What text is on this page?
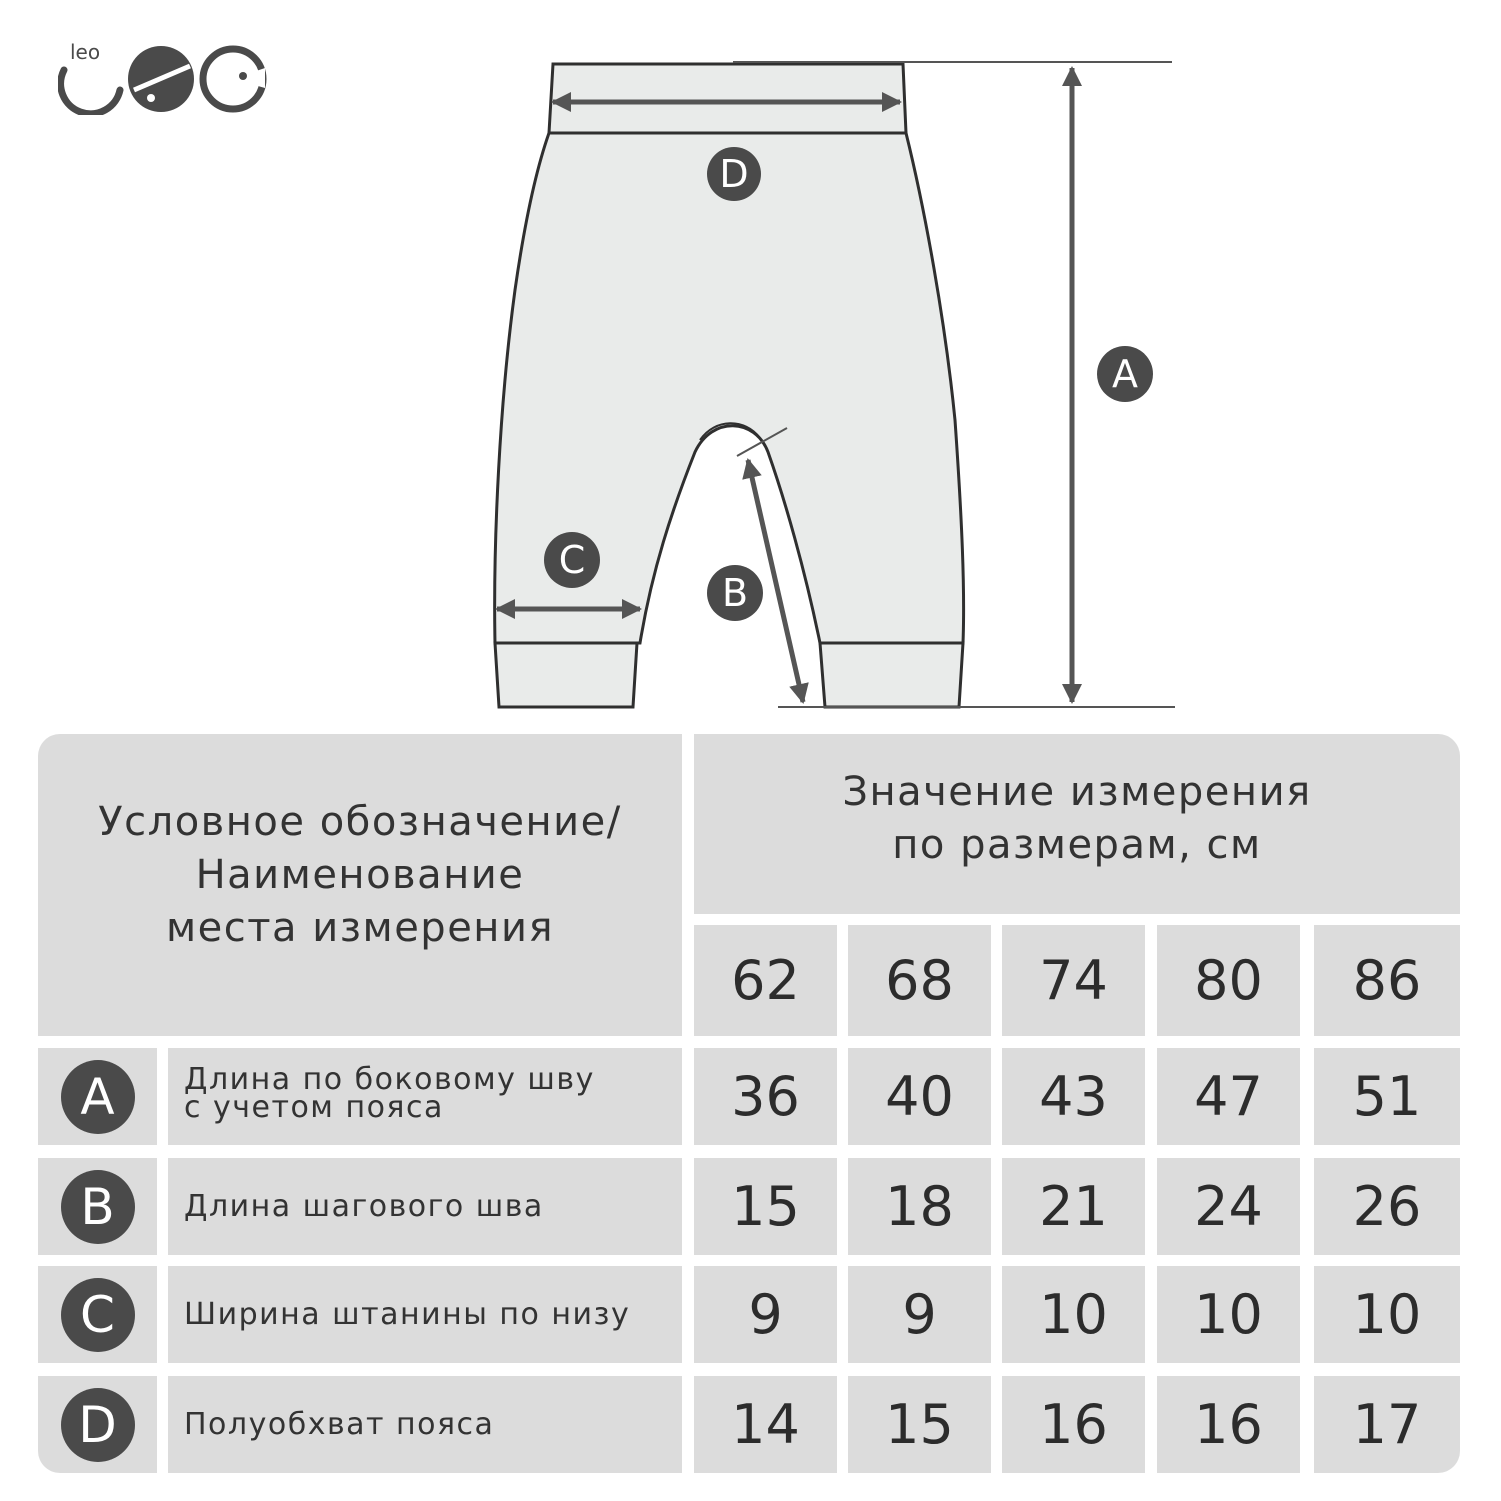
leo
D
A
C
B
Условное обозначение/
Наименование
места измерения
Значение измерения
по размерам, см
62 68 74 80 86
A Длина по боковому шву
с учетом пояса	36 40 43 47 51
B Длина шагового шва	15 18 21 24 26
C Ширина штанины по низу 9 9 10 10 10
D Полуобхват пояса	14 15 16 16 17
